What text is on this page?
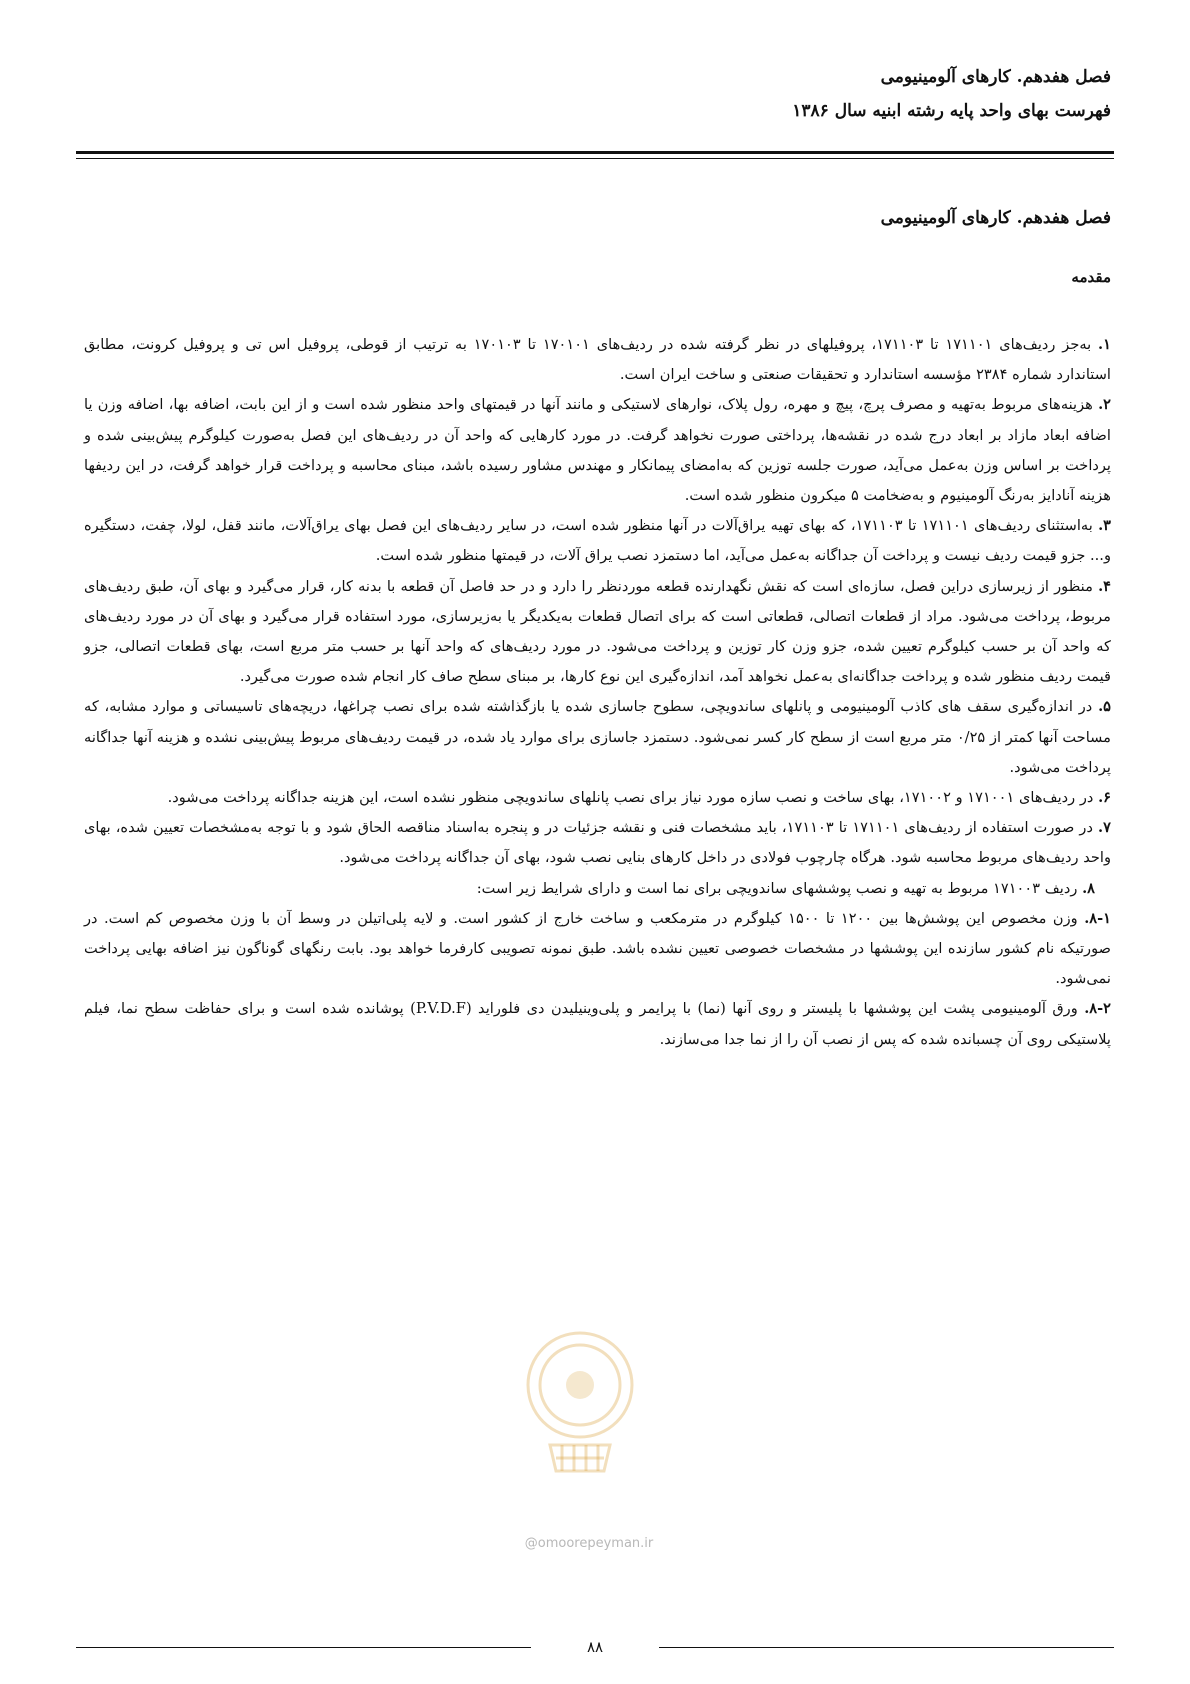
فصل هفدهم. کارهای آلومینیومی
فهرست بهای واحد پایه رشته ابنیه سال ۱۳۸۶
فصل هفدهم. کارهای آلومینیومی
مقدمه

۱. به‌جز ردیف‌های ۱۷۱۱۰۱ تا ۱۷۱۱۰۳، پروفیلهای در نظر گرفته شده در ردیف‌های ۱۷۰۱۰۱ تا ۱۷۰۱۰۳ به ترتیب از قوطی، پروفیل اس تی و پروفیل کرونت، مطابق استاندارد شماره ۲۳۸۴ مؤسسه استاندارد و تحقیقات صنعتی و ساخت ایران است.

۲. هزینه‌های مربوط به‌تهیه و مصرف پرچ، پیچ و مهره، رول پلاک، نوارهای لاستیکی و مانند آنها در قیمتهای واحد منظور شده است و از این بابت، اضافه بها، اضافه وزن یا اضافه ابعاد مازاد بر ابعاد درج شده در نقشه‌ها، پرداختی صورت نخواهد گرفت. در مورد کارهایی که واحد آن در ردیف‌های این فصل به‌صورت کیلوگرم پیش‌بینی شده و پرداخت بر اساس وزن به‌عمل می‌آید، صورت جلسه توزین که به‌امضای پیمانکار و مهندس مشاور رسیده باشد، مبنای محاسبه و پرداخت قرار خواهد گرفت، در این ردیفها هزینه آنادایز به‌رنگ آلومینیوم و به‌ضخامت ۵ میکرون منظور شده است.

۳. به‌استثنای ردیف‌های ۱۷۱۱۰۱ تا ۱۷۱۱۰۳، که بهای تهیه یراق‌آلات در آنها منظور شده است، در سایر ردیف‌های این فصل بهای یراق‌آلات، مانند قفل، لولا، چفت، دستگیره و... جزو قیمت ردیف نیست و پرداخت آن جداگانه به‌عمل می‌آید، اما دستمزد نصب یراق آلات، در قیمتها منظور شده است.

۴. منظور از زیرسازی دراین فصل، سازه‌ای است که نقش نگهدارنده قطعه موردنظر را دارد و در حد فاصل آن قطعه با بدنه کار، قرار می‌گیرد و بهای آن، طبق ردیف‌های مربوط، پرداخت می‌شود. مراد از قطعات اتصالی، قطعاتی است که برای اتصال قطعات به‌یکدیگر یا به‌زیرسازی، مورد استفاده قرار می‌گیرد و بهای آن در مورد ردیف‌های که واحد آن بر حسب کیلوگرم تعیین شده، جزو وزن کار توزین و پرداخت می‌شود. در مورد ردیف‌های که واحد آنها بر حسب متر مربع است، بهای قطعات اتصالی، جزو قیمت ردیف منظور شده و پرداخت جداگانه‌ای به‌عمل نخواهد آمد، اندازه‌گیری این نوع کارها، بر مبنای سطح صاف کار انجام شده صورت می‌گیرد.

۵. در اندازه‌گیری سقف های کاذب آلومینیومی و پانلهای ساندویچی، سطوح جاسازی شده یا بازگذاشته شده برای نصب چراغها، دریچه‌های تاسیساتی و موارد مشابه، که مساحت آنها کمتر از ۰/۲۵ متر مربع است از سطح کار کسر نمی‌شود. دستمزد جاسازی برای موارد یاد شده، در قیمت ردیف‌های مربوط پیش‌بینی نشده و هزینه آنها جداگانه پرداخت می‌شود.

۶. در ردیف‌های ۱۷۱۰۰۱ و ۱۷۱۰۰۲، بهای ساخت و نصب سازه مورد نیاز برای نصب پانلهای ساندویچی منظور نشده است، این هزینه جداگانه پرداخت می‌شود.

۷. در صورت استفاده از ردیف‌های ۱۷۱۱۰۱ تا ۱۷۱۱۰۳، باید مشخصات فنی و نقشه جزئیات در و پنجره به‌اسناد مناقصه الحاق شود و با توجه به‌مشخصات تعیین شده، بهای واحد ردیف‌های مربوط محاسبه شود. هرگاه چارچوب فولادی در داخل کارهای بنایی نصب شود، بهای آن جداگانه پرداخت می‌شود.

۸. ردیف ۱۷۱۰۰۳ مربوط به تهیه و نصب پوششهای ساندویچی برای نما است و دارای شرایط زیر است:

۸-۱. وزن مخصوص این پوشش‌ها بین ۱۲۰۰ تا ۱۵۰۰ کیلوگرم در مترمکعب و ساخت خارج از کشور است. و لایه پلی‌اتیلن در وسط آن با وزن مخصوص کم است. در صورتیکه نام کشور سازنده این پوششها در مشخصات خصوصی تعیین نشده باشد. طبق نمونه تصویبی کارفرما خواهد بود. بابت رنگهای گوناگون نیز اضافه بهایی پرداخت نمی‌شود.

۸-۲. ورق آلومینیومی پشت این پوششها با پلیستر و روی آنها (نما) با پرایمر و پلی‌وینیلیدن دی فلوراید (P.V.D.F) پوشانده شده است و برای حفاظت سطح نما، فیلم پلاستیکی روی آن چسبانده شده که پس از نصب آن را از نما جدا می‌سازند.

@omoorepeyman.ir
۸۸
